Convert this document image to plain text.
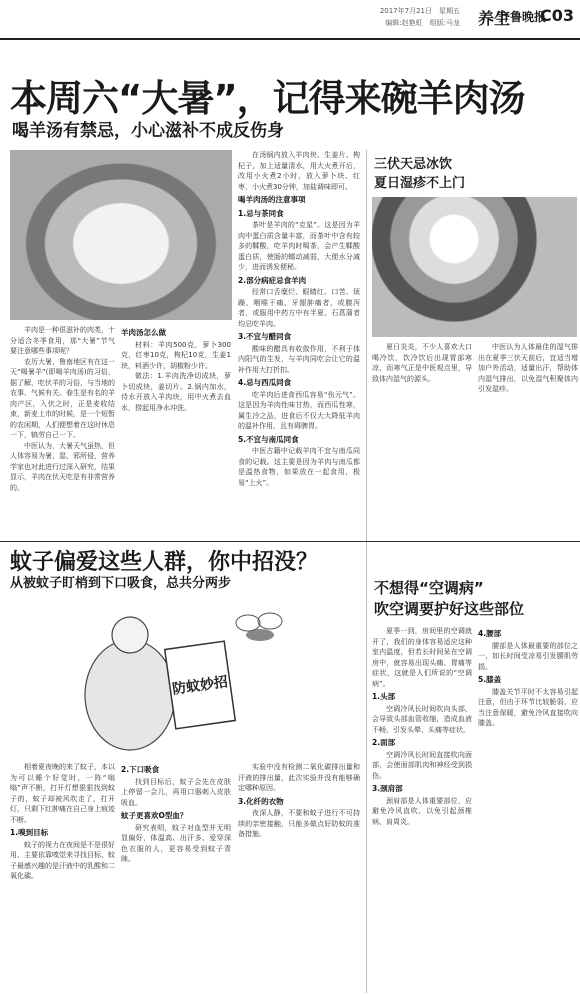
2017年7月21日　星期五
编辑:赵艳虹　组版:马龙 养生
齐鲁晚报
C03
本周六“大暑”，记得来碗羊肉汤
喝羊汤有禁忌，小心滋补不成反伤身

羊肉是一种很滋补的肉类，十分适合冬季食用，那“大暑”节气要注意哪些事项呢？

农历大暑，鲁南地区有在这一天“喝暑羊”(即喝羊肉汤)的习俗，据了解，吃伏羊的习俗，与当地的农事、气候有关。春生是有名的羊肉产区，入伏之时，正是麦收结束，新麦上市的时候，是一个短暂的农闲期，人们便想着在这时休息一下，犒劳自己一下。

中医认为，大暑天气虽热，但人体容易为暑、湿、邪所侵，营养学家也对此进行过深入研究，结果显示，羊肉在伏天吃是有非常营养的。

羊肉汤怎么做

材料：羊肉500克，萝卜300克，红枣10克，枸杞10克，生姜1块，料酒少许，胡椒粉少许。

做法：1.羊肉洗净切成块，萝卜切成块，姜切片。2.锅内加水，待水开放入羊肉块，用中火煮去血水，捞起用净水冲洗。

在汤锅内放入羊肉块、生姜片、枸杞子，加上适量清水，用大火煮开后，改用小火煮2小时，放入萝卜块、红枣，小火煮30分钟，加盐调味即可。

喝羊肉汤的注意事项
1.忌与茶同食

茶叶是羊肉的“克星”。这是因为羊肉中蛋白质含量丰富，而茶叶中含有较多的鞣酸，吃羊肉时喝茶，会产生鞣酸蛋白质，使肠的蠕动减弱，大便水分减少，进而诱发便秘。

2.部分病症忌食羊肉

经常口舌糜烂、眼睛红、口苦、烦躁、咽喉干痛、牙龈肿痛者，或腹泻者，或服用中药方中有半夏、石菖蒲者均忌吃羊肉。

3.不宜与醋同食

酸味的醋具有收敛作用，不利于体内阳气的生发，与羊肉同吃会让它的温补作用大打折扣。

4.忌与西瓜同食

吃羊肉后进食西瓜容易“伤元气”。这是因为羊肉性味甘热，而西瓜性寒，属生冷之品，进食后不仅大大降低羊肉的温补作用，且有碍脾胃。

5.不宜与南瓜同食

中医古籍中记载羊肉不宜与南瓜同食的记载。这主要是因为羊肉与南瓜都是温热食物，如果放在一起食用，极易“上火”。

三伏天忌冰饮
夏日湿疹不上门

夏日炎炎，不少人喜欢大口喝冷饮，饮冷饮后出现胃部寒凉，而寒气正是中医观点里，导致体内湿气的源头。

中医认为人体最佳的湿气排出在夏季三伏天前后，宜适当增加户外活动，适量出汗，帮助体内湿气排出，以免湿气积聚体内引发湿疹。

蚊子偏爱这些人群，你中招没？
从被蚊子盯梢到下口吸食，总共分两步
防蚊妙招

相着夏夜晚的来了蚊子，本以为可以睡个好觉时，一阵“嗡嗡”声不断，打开灯想狠狠找到蚊子的，蚊子却被风吹走了，打开灯，只剩下红肿痛在自己身上痕迹不断。

1.嗅到目标

蚊子的视力在夜间是不是很好用，主要依靠嗅觉来寻找目标，蚊子最感兴趣的是汗液中的乳酸和二氧化碳。

2.下口吸食

找到目标后，蚊子会先在皮肤上停留一会儿，再用口器刺入皮肤吸血。

蚊子更喜欢O型血？

研究表明，蚊子对血型并无明显偏好，体温高、出汗多、爱穿深色衣服的人，更容易受到蚊子青睐。

实验中没有检测二氧化碳排出量和汗液的排出量，此次实验并没有能够确定哪种原因。

3.化纤的衣物

夜深人静，不要和蚊子进行不可持续的亲密接触，只能多做点好防蚊的准备措施。

不想得“空调病”
吹空调要护好这些部位

夏季一到，房间里的空调就开了，我们的身体容易适应这种室内温度，但若长时间呆在空调房中，就容易出现头痛、胃痛等症状，这就是人们所说的“空调病”。

1.头部

空调冷风长时间吹向头部，会导致头部血管收缩，造成血液不畅，引发头晕、头痛等症状。

2.面部

空调冷风长时间直接吹向面部，会使面部肌肉和神经受到损伤。

3.颈肩部

颈肩部是人体重要部位，应避免冷风直吹，以免引起颈椎病、肩周炎。

4.腰部

腰部是人体最重要的部位之一，如长时间受凉易引发腰肌劳损。

5.膝盖

膝盖关节平时不太容易引起注意，但由于环节比较脆弱，应当注意保暖，避免冷风直接吹向膝盖。
